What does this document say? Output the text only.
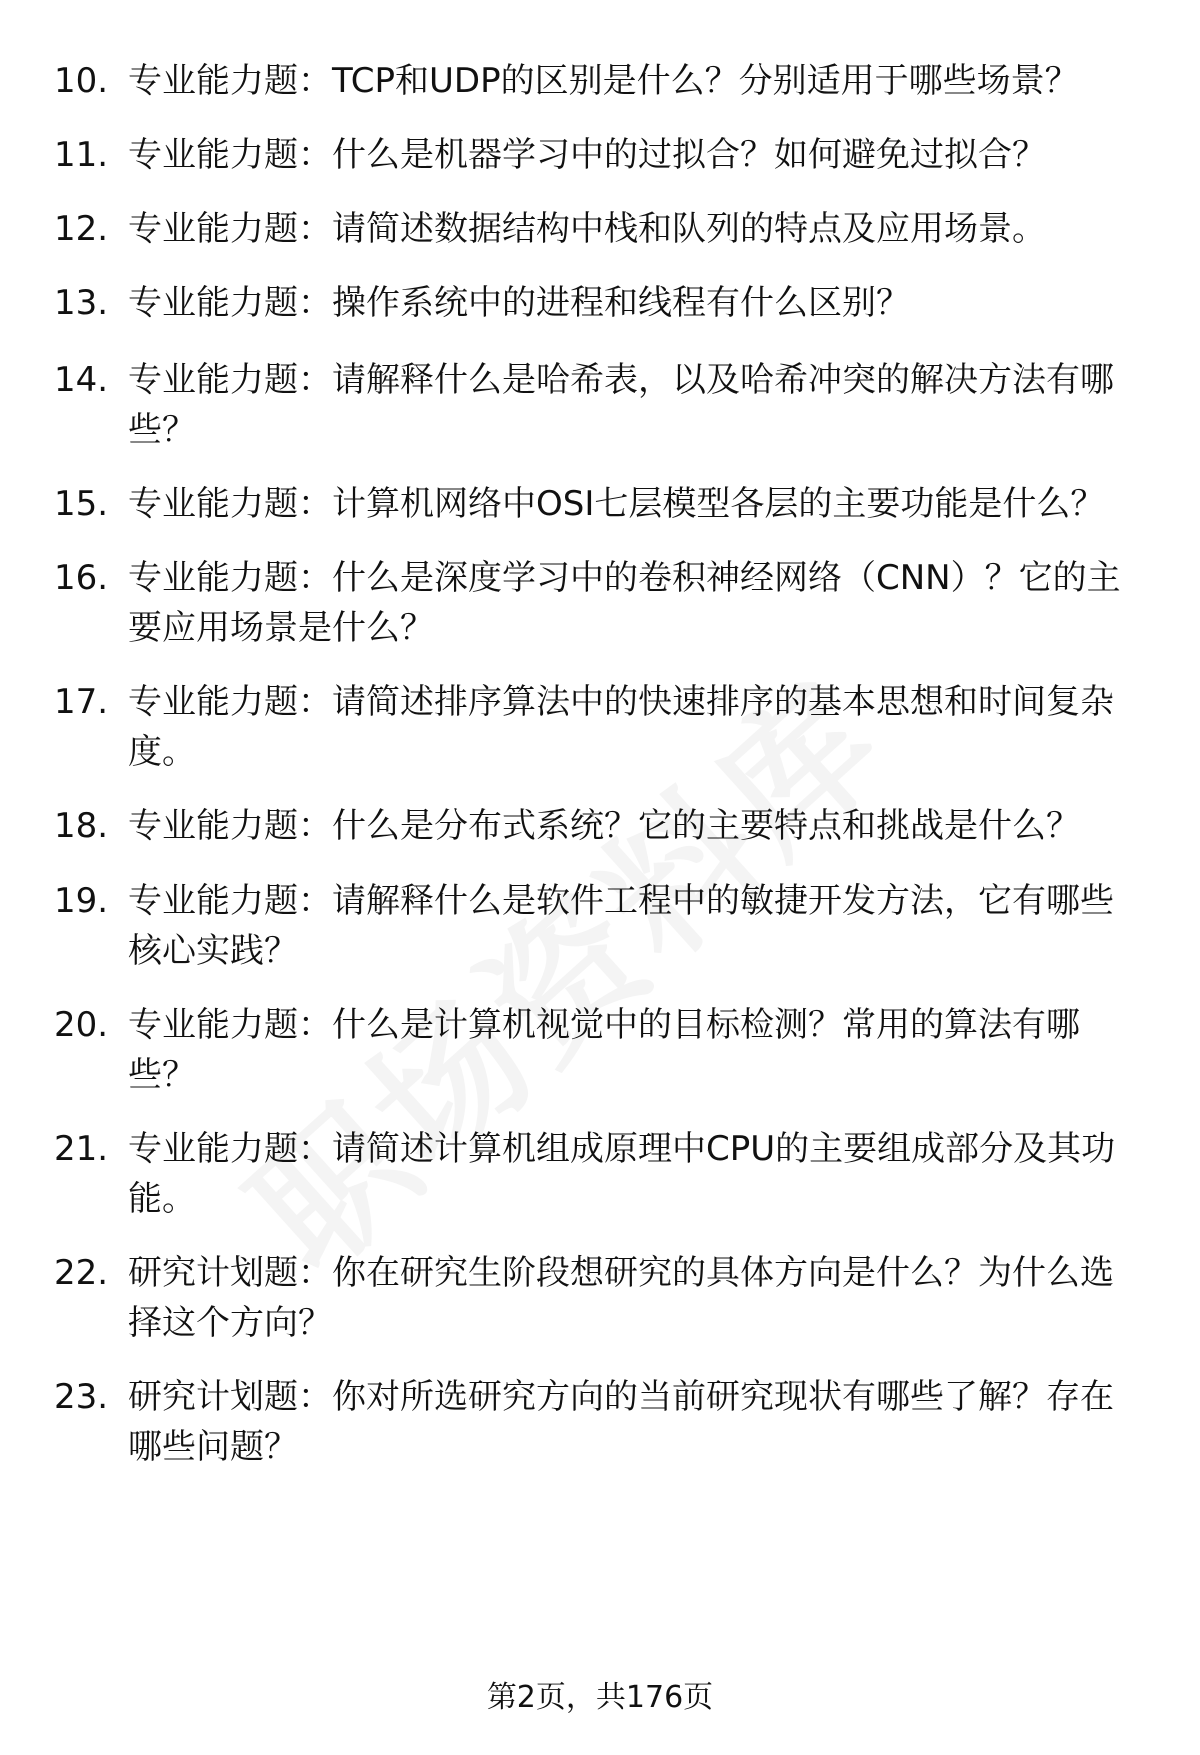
10. 专业能力题：TCP和UDP的区别是什么？分别适用于哪些场景？
11. 专业能力题：什么是机器学习中的过拟合？如何避免过拟合？
12. 专业能力题：请简述数据结构中栈和队列的特点及应用场景。
13. 专业能力题：操作系统中的进程和线程有什么区别？
14. 专业能力题：请解释什么是哈希表，以及哈希冲突的解决方法有哪些？
15. 专业能力题：计算机网络中OSI七层模型各层的主要功能是什么？
16. 专业能力题：什么是深度学习中的卷积神经网络（CNN）？它的主要应用场景是什么？
17. 专业能力题：请简述排序算法中的快速排序的基本思想和时间复杂度。
18. 专业能力题：什么是分布式系统？它的主要特点和挑战是什么？
19. 专业能力题：请解释什么是软件工程中的敏捷开发方法，它有哪些核心实践？
20. 专业能力题：什么是计算机视觉中的目标检测？常用的算法有哪些？
21. 专业能力题：请简述计算机组成原理中CPU的主要组成部分及其功能。
22. 研究计划题：你在研究生阶段想研究的具体方向是什么？为什么选择这个方向？
23. 研究计划题：你对所选研究方向的当前研究现状有哪些了解？存在哪些问题？
第2页，共176页
